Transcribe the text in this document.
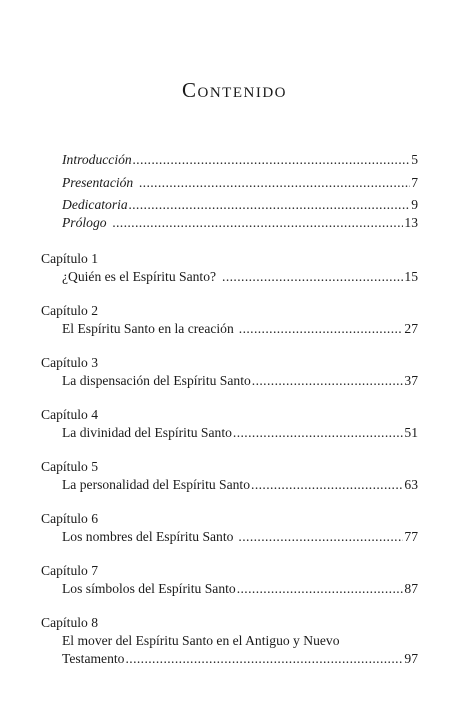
Contenido
Introducción .....	5
Presentación .....	7
Dedicatoria .....	9
Prólogo .....	13
Capítulo 1
¿Quién es el Espíritu Santo? .....	15
Capítulo 2
El Espíritu Santo en la creación .....	27
Capítulo 3
La dispensación del Espíritu Santo .....	37
Capítulo 4
La divinidad del Espíritu Santo .....	51
Capítulo 5
La personalidad del Espíritu Santo .....	63
Capítulo 6
Los nombres del Espíritu Santo .....	77
Capítulo 7
Los símbolos del Espíritu Santo .....	87
Capítulo 8
El mover del Espíritu Santo en el Antiguo y Nuevo
Testamento .....	97
